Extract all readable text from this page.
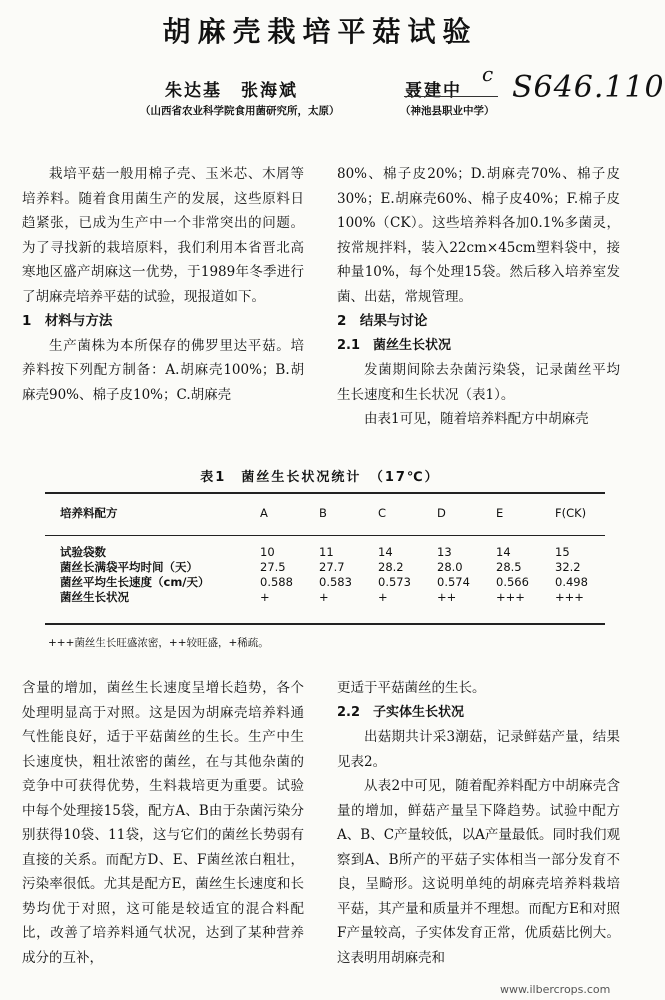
胡麻壳栽培平菇试验
朱达基　张海斌	聂建中
c S646.110
（山西省农业科学院食用菌研究所，太原）	（神池县职业中学）

栽培平菇一般用棉子壳、玉米芯、木屑等培养料。随着食用菌生产的发展，这些原料日趋紧张，已成为生产中一个非常突出的问题。为了寻找新的栽培原料，我们利用本省晋北高寒地区盛产胡麻这一优势，于1989年冬季进行了胡麻壳培养平菇的试验，现报道如下。

1　材料与方法

生产菌株为本所保存的佛罗里达平菇。培养料按下列配方制备：A.胡麻壳100%；B.胡麻壳90%、棉子皮10%；C.胡麻壳

80%、棉子皮20%；D.胡麻壳70%、棉子皮30%；E.胡麻壳60%、棉子皮40%；F.棉子皮100%（CK）。这些培养料各加0.1%多菌灵，按常规拌料，装入22cm×45cm塑料袋中，接种量10%，每个处理15袋。然后移入培养室发菌、出菇，常规管理。

2　结果与讨论

2.1　菌丝生长状况

发菌期间除去杂菌污染袋，记录菌丝平均生长速度和生长状况（表1）。

由表1可见，随着培养料配方中胡麻壳

表1　菌丝生长状况统计　（17℃）
培养料配方	A	B	C	D	E	F(CK)
试验袋数	10	11	14	13	14	15
菌丝长满袋平均时间（天）	27.5	27.7	28.2	28.0	28.5	32.2
菌丝平均生长速度（cm/天）	0.588	0.583	0.573	0.574	0.566	0.498
菌丝生长状况	+	+	+	++	+++	+++
+++菌丝生长旺盛浓密，++较旺盛，+稀疏。

含量的增加，菌丝生长速度呈增长趋势，各个处理明显高于对照。这是因为胡麻壳培养料通气性能良好，适于平菇菌丝的生长。生产中生长速度快，粗壮浓密的菌丝，在与其他杂菌的竞争中可获得优势，生料栽培更为重要。试验中每个处理接15袋，配方A、B由于杂菌污染分别获得10袋、11袋，这与它们的菌丝长势弱有直接的关系。而配方D、E、F菌丝浓白粗壮，污染率很低。尤其是配方E，菌丝生长速度和长势均优于对照，这可能是较适宜的混合料配比，改善了培养料通气状况，达到了某种营养成分的互补，

更适于平菇菌丝的生长。

2.2　子实体生长状况

出菇期共计采3潮菇，记录鲜菇产量，结果见表2。

从表2中可见，随着配养料配方中胡麻壳含量的增加，鲜菇产量呈下降趋势。试验中配方A、B、C产量较低，以A产量最低。同时我们观察到A、B所产的平菇子实体相当一部分发育不良，呈畸形。这说明单纯的胡麻壳培养料栽培平菇，其产量和质量并不理想。而配方E和对照F产量较高，子实体发育正常，优质菇比例大。这表明用胡麻壳和

www.ilbercrops.com
